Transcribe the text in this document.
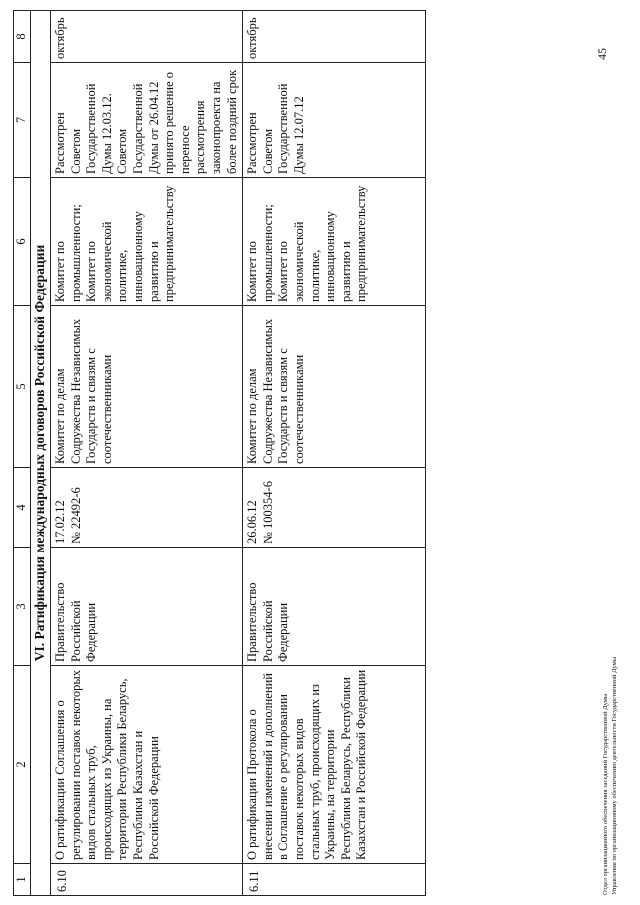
1	2	3	4	5	6	7	8
VI. Ратификация международных договоров Российской Федерации							
6.10	О ратификации Соглашения о регулировании поставок некоторых видов стальных труб, происходящих из Украины, на территории Республики Беларусь, Республики Казахстан и Российской Федерации	Правительство Российской Федерации	17.02.12 № 22492-6	Комитет по делам Содружества Независимых Государств и связям с соотечественниками	Комитет по промышленности; Комитет по экономической политике, инновационному развитию и предпринимательству	Рассмотрен Советом Государственной Думы 12.03.12. Советом Государственной Думы от 26.04.12 принято решение о переносе рассмотрения законопроекта на более поздний срок	октябрь
6.11	О ратификации Протокола о внесении изменений и дополнений в Соглашение о регулировании поставок некоторых видов стальных труб, происходящих из Украины, на территории Республики Беларусь, Республики Казахстан и Российской Федерации	Правительство Российской Федерации	26.06.12 № 100354-6	Комитет по делам Содружества Независимых Государств и связям с соотечественниками	Комитет по промышленности; Комитет по экономической политике, инновационному развитию и предпринимательству	Рассмотрен Советом Государственной Думы 12.07.12	октябрь	45
Отдел организационного обеспечения заседаний Государственной Думы Управления по организационному обеспечению деятельности Государственной Думы
